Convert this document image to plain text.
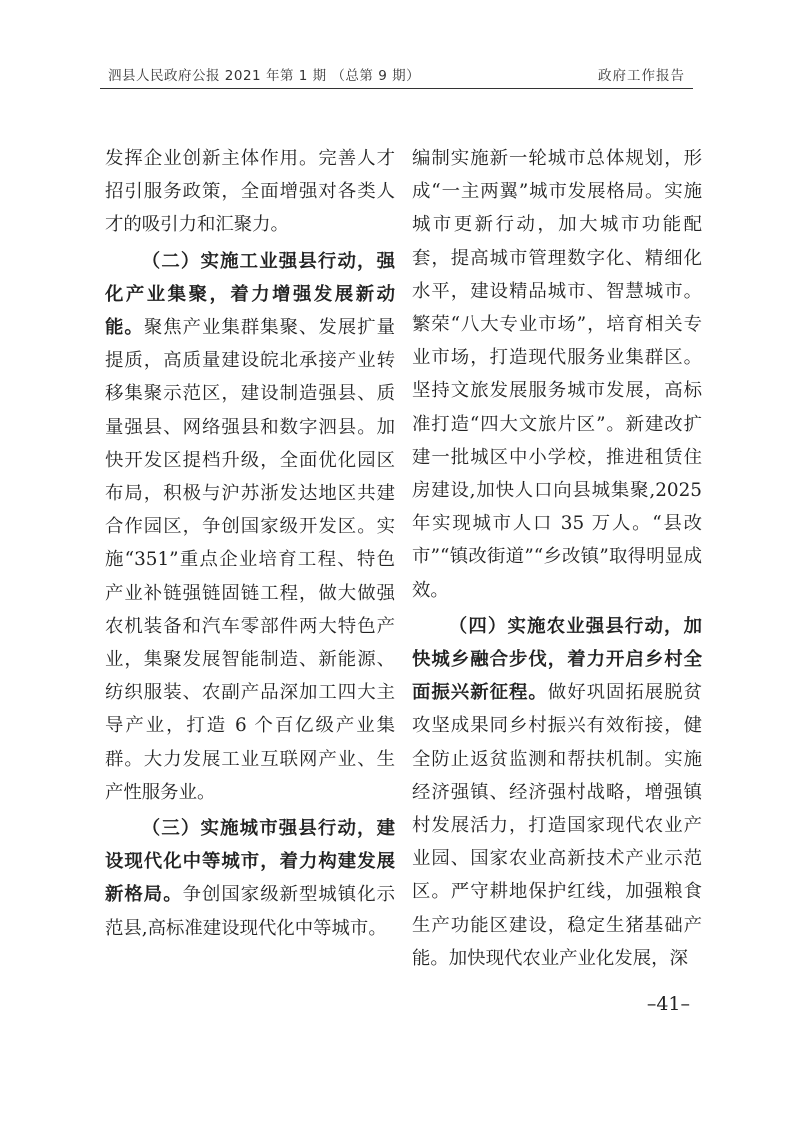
泗县人民政府公报 2021 年第 1 期 （总第 9 期）	政府工作报告

发挥企业创新主体作用。完善人才招引服务政策，全面增强对各类人才的吸引力和汇聚力。

（二）实施工业强县行动，强化产业集聚，着力增强发展新动能。聚焦产业集群集聚、发展扩量提质，高质量建设皖北承接产业转移集聚示范区，建设制造强县、质量强县、网络强县和数字泗县。加快开发区提档升级，全面优化园区布局，积极与沪苏浙发达地区共建合作园区，争创国家级开发区。实施“351”重点企业培育工程、特色产业补链强链固链工程，做大做强农机装备和汽车零部件两大特色产业，集聚发展智能制造、新能源、纺织服装、农副产品深加工四大主导产业，打造 6 个百亿级产业集群。大力发展工业互联网产业、生产性服务业。

（三）实施城市强县行动，建设现代化中等城市，着力构建发展新格局。争创国家级新型城镇化示范县,高标准建设现代化中等城市。

编制实施新一轮城市总体规划，形成“一主两翼”城市发展格局。实施城市更新行动，加大城市功能配套，提高城市管理数字化、精细化水平，建设精品城市、智慧城市。繁荣“八大专业市场”，培育相关专业市场，打造现代服务业集群区。坚持文旅发展服务城市发展，高标准打造“四大文旅片区”。新建改扩建一批城区中小学校，推进租赁住房建设,加快人口向县城集聚,2025年实现城市人口 35 万人。“县改市”“镇改街道”“乡改镇”取得明显成效。

（四）实施农业强县行动，加快城乡融合步伐，着力开启乡村全面振兴新征程。做好巩固拓展脱贫攻坚成果同乡村振兴有效衔接，健全防止返贫监测和帮扶机制。实施经济强镇、经济强村战略，增强镇村发展活力，打造国家现代农业产业园、国家农业高新技术产业示范区。严守耕地保护红线，加强粮食生产功能区建设，稳定生猪基础产能。加快现代农业产业化发展，深

–41–
